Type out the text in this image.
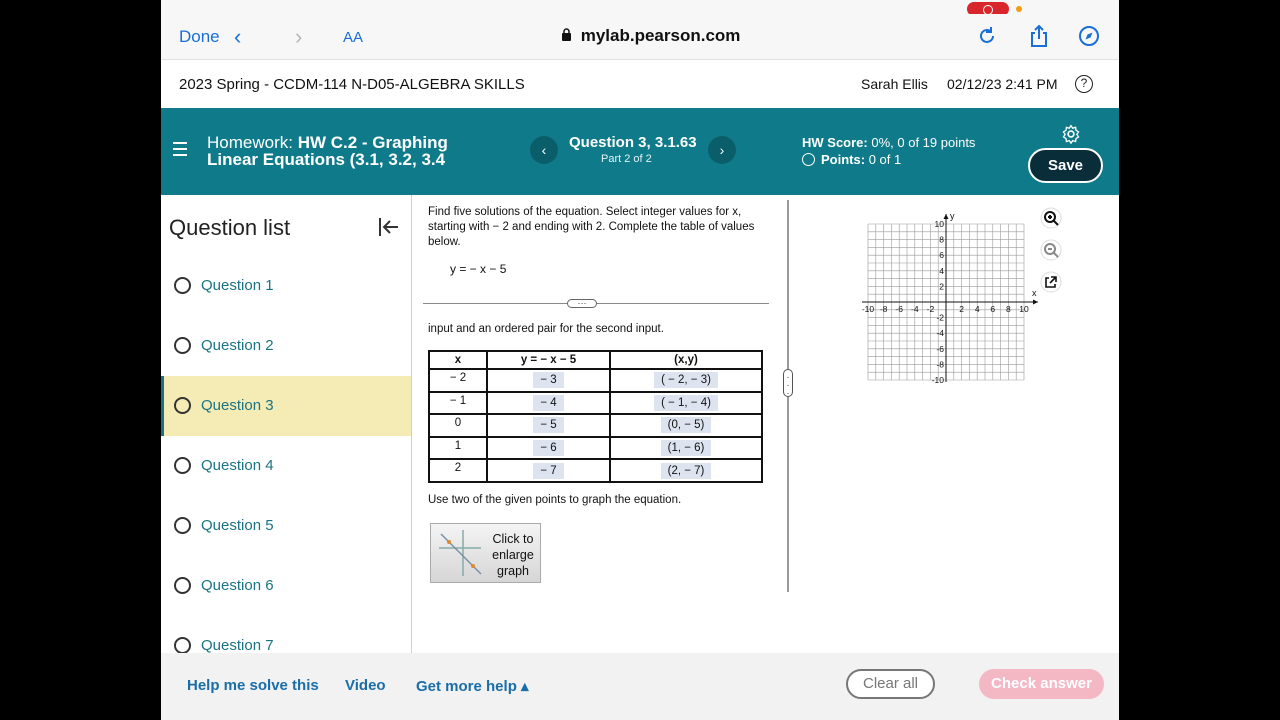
Done ‹ ›	AA	mylab.pearson.com
2023 Spring - CCDM-114 N-D05-ALGEBRA SKILLS	Sarah Ellis 02/12/23 2:41 PM	?
Homework: HW C.2 - Graphing
Linear Equations (3.1, 3.2, 3.4	‹	Question 3, 3.1.63
Part 2 of 2
›	HW Score: 0%, 0 of 19 points
Points: 0 of 1	Save
Question list
Question 1
Question 2
Question 3
Question 4
Question 5
Question 6
Question 7
Find five solutions of the equation. Select integer values for x, starting with − 2 and ending with 2. Complete the table of values below.
y = − x − 5
···
input and an ordered pair for the second input.
x	y = − x − 5	(x,y)
− 2	− 3	( − 2, − 3)
− 1	− 4	( − 1, − 4)
0	− 5	(0, − 5)
1	− 6	(1, − 6)
2	− 7	(2, − 7)
Use two of the given points to graph the equation.
Click to enlarge graph
·
·
·
x
y
-10 -8 -6 -4 -2	2 4 6 8 10
10
8
6
4
2
-2
-4
-6
-8
-10
Help me solve this Video Get more help ▴	Clear all	Check answer
